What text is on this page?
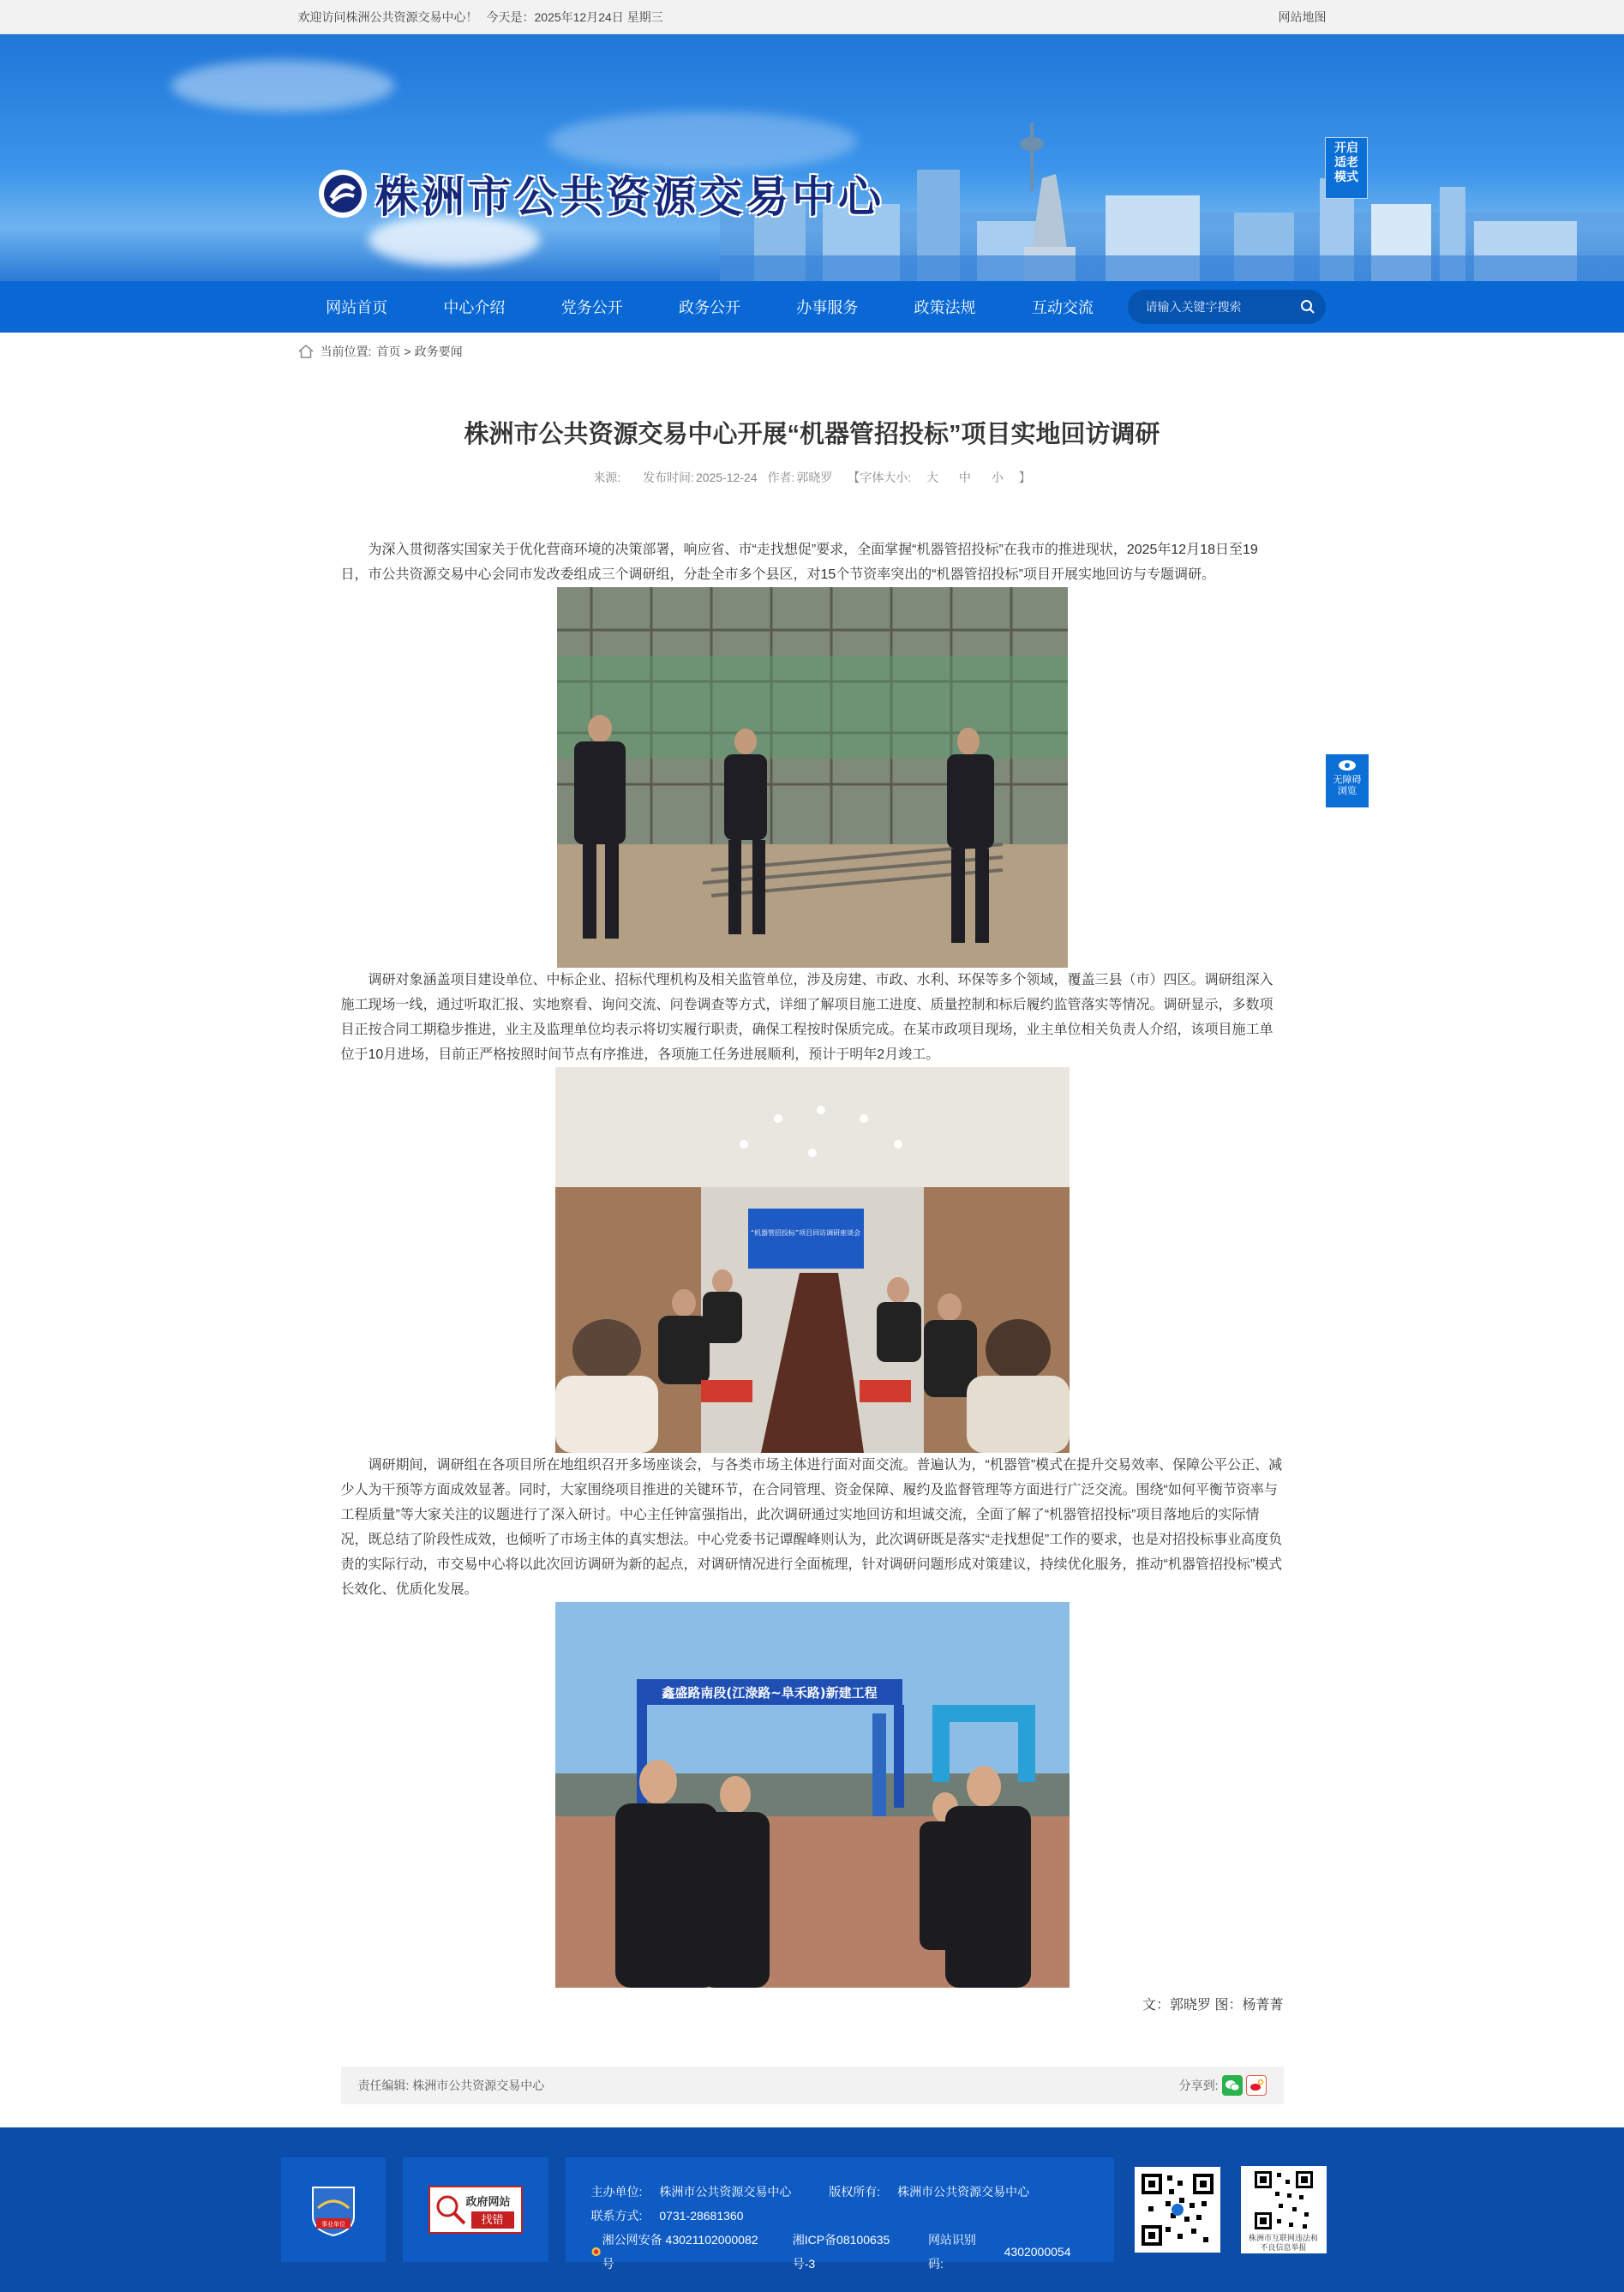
欢迎访问株洲公共资源交易中心！ 今天是：2025年12月24日 星期三	网站地图
株洲市公共资源交易中心
开启
适老
模式
网站首页	中心介绍	党务公开	政务公开	办事服务	政策法规	互动交流
请输入关键字搜索
当前位置: 首页 > 政务要闻
株洲市公共资源交易中心开展“机器管招投标”项目实地回访调研
来源: 发布时间: 2025-12-24 作者: 郭晓罗 【字体大小: 大 中 小 】

为深入贯彻落实国家关于优化营商环境的决策部署，响应省、市“走找想促”要求，全面掌握“机器管招投标”在我市的推进现状，2025年12月18日至19日，市公共资源交易中心会同市发改委组成三个调研组，分赴全市多个县区，对15个节资率突出的“机器管招投标”项目开展实地回访与专题调研。

调研对象涵盖项目建设单位、中标企业、招标代理机构及相关监管单位，涉及房建、市政、水利、环保等多个领域，覆盖三县（市）四区。调研组深入施工现场一线，通过听取汇报、实地察看、询问交流、问卷调查等方式，详细了解项目施工进度、质量控制和标后履约监管落实等情况。调研显示，多数项目正按合同工期稳步推进，业主及监理单位均表示将切实履行职责，确保工程按时保质完成。在某市政项目现场，业主单位相关负责人介绍，该项目施工单位于10月进场，目前正严格按照时间节点有序推进，各项施工任务进展顺利，预计于明年2月竣工。

“机器管招投标”项目回访调研座谈会

调研期间，调研组在各项目所在地组织召开多场座谈会，与各类市场主体进行面对面交流。普遍认为，“机器管”模式在提升交易效率、保障公平公正、减少人为干预等方面成效显著。同时，大家围绕项目推进的关键环节，在合同管理、资金保障、履约及监督管理等方面进行广泛交流。围绕“如何平衡节资率与工程质量”等大家关注的议题进行了深入研讨。中心主任钟富强指出，此次调研通过实地回访和坦诚交流，全面了解了“机器管招投标”项目落地后的实际情况，既总结了阶段性成效，也倾听了市场主体的真实想法。中心党委书记谭醒峰则认为，此次调研既是落实“走找想促”工作的要求，也是对招投标事业高度负责的实际行动，市交易中心将以此次回访调研为新的起点，对调研情况进行全面梳理，针对调研问题形成对策建议，持续优化服务，推动“机器管招投标”模式长效化、优质化发展。

鑫盛路南段(江淥路~阜禾路)新建工程
文：郭晓罗 图：杨菁菁
责任编辑: 株洲市公共资源交易中心	分享到:
无障碍
浏览
事业单位
政府网站
找错
主办单位: 株洲市公共资源交易中心	版权所有: 株洲市公共资源交易中心
联系方式: 0731-28681360
湘公网安备 43021102000082号
湘ICP备08100635号-3
网站识别码:
4302000054
株洲市互联网违法和不良信息举报
